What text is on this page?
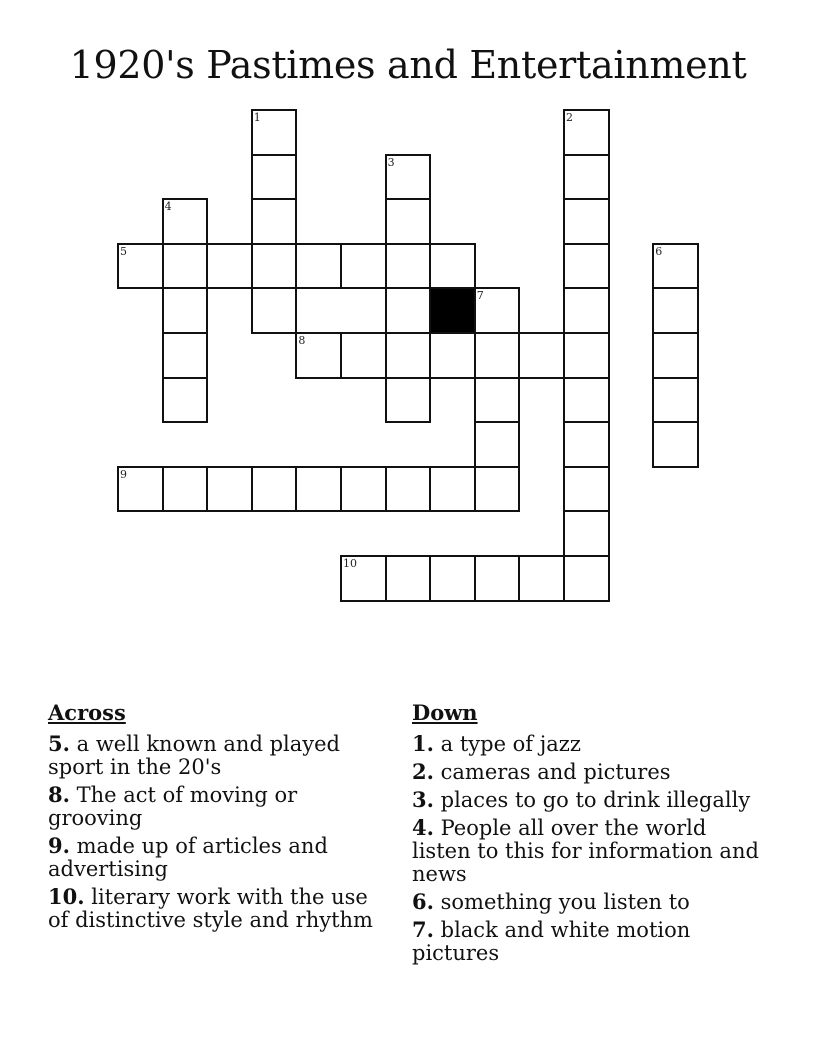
1920's Pastimes and Entertainment
1	2
3
4
5	6
7
8
9
10
Across
5. a well known and played sport in the 20's
8. The act of moving or grooving
9. made up of articles and advertising
10. literary work with the use of distinctive style and rhythm
Down
1. a type of jazz
2. cameras and pictures
3. places to go to drink illegally
4. People all over the world listen to this for information and news
6. something you listen to
7. black and white motion pictures
